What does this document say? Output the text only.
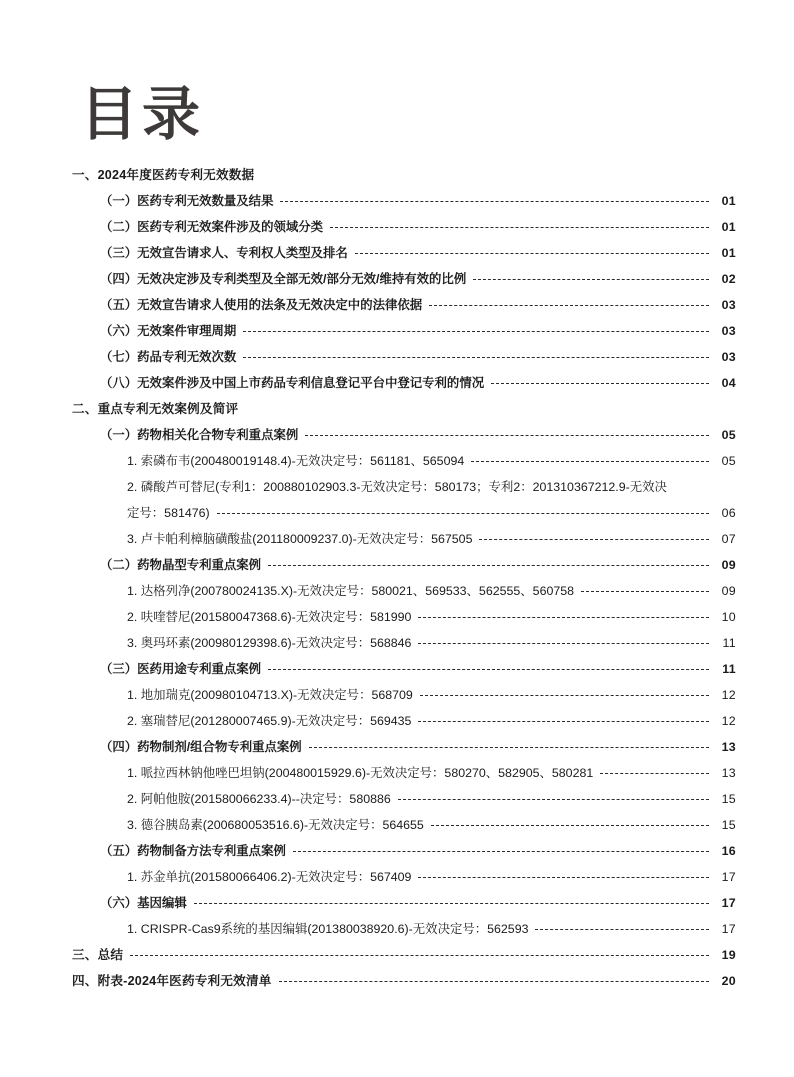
目录
一、2024年度医药专利无效数据
（一）医药专利无效数量及结果	01
（二）医药专利无效案件涉及的领域分类	01
（三）无效宣告请求人、专利权人类型及排名	01
（四）无效决定涉及专利类型及全部无效/部分无效/维持有效的比例	02
（五）无效宣告请求人使用的法条及无效决定中的法律依据	03
（六）无效案件审理周期	03
（七）药品专利无效次数	03
（八）无效案件涉及中国上市药品专利信息登记平台中登记专利的情况	04
二、重点专利无效案例及简评
（一）药物相关化合物专利重点案例	05
1. 索磷布韦(200480019148.4)-无效决定号：561181、565094	05
2. 磷酸芦可替尼(专利1：200880102903.3-无效决定号：580173；专利2：201310367212.9-无效决
定号：581476)	06
3. 卢卡帕利樟脑磺酸盐(201180009237.0)-无效决定号：567505	07
（二）药物晶型专利重点案例	09
1. 达格列净(200780024135.X)-无效决定号：580021、569533、562555、560758	09
2. 呋喹替尼(201580047368.6)-无效决定号：581990	10
3. 奥玛环素(200980129398.6)-无效决定号：568846	11
（三）医药用途专利重点案例	11
1. 地加瑞克(200980104713.X)-无效决定号：568709	12
2. 塞瑞替尼(201280007465.9)-无效决定号：569435	12
（四）药物制剂/组合物专利重点案例	13
1. 哌拉西林钠他唑巴坦钠(200480015929.6)-无效决定号：580270、582905、580281	13
2. 阿帕他胺(201580066233.4)--决定号：580886	15
3. 德谷胰岛素(200680053516.6)-无效决定号：564655	15
（五）药物制备方法专利重点案例	16
1. 苏金单抗(201580066406.2)-无效决定号：567409	17
（六）基因编辑	17
1. CRISPR-Cas9系统的基因编辑(201380038920.6)-无效决定号：562593	17
三、总结	19
四、附表-2024年医药专利无效清单	20
